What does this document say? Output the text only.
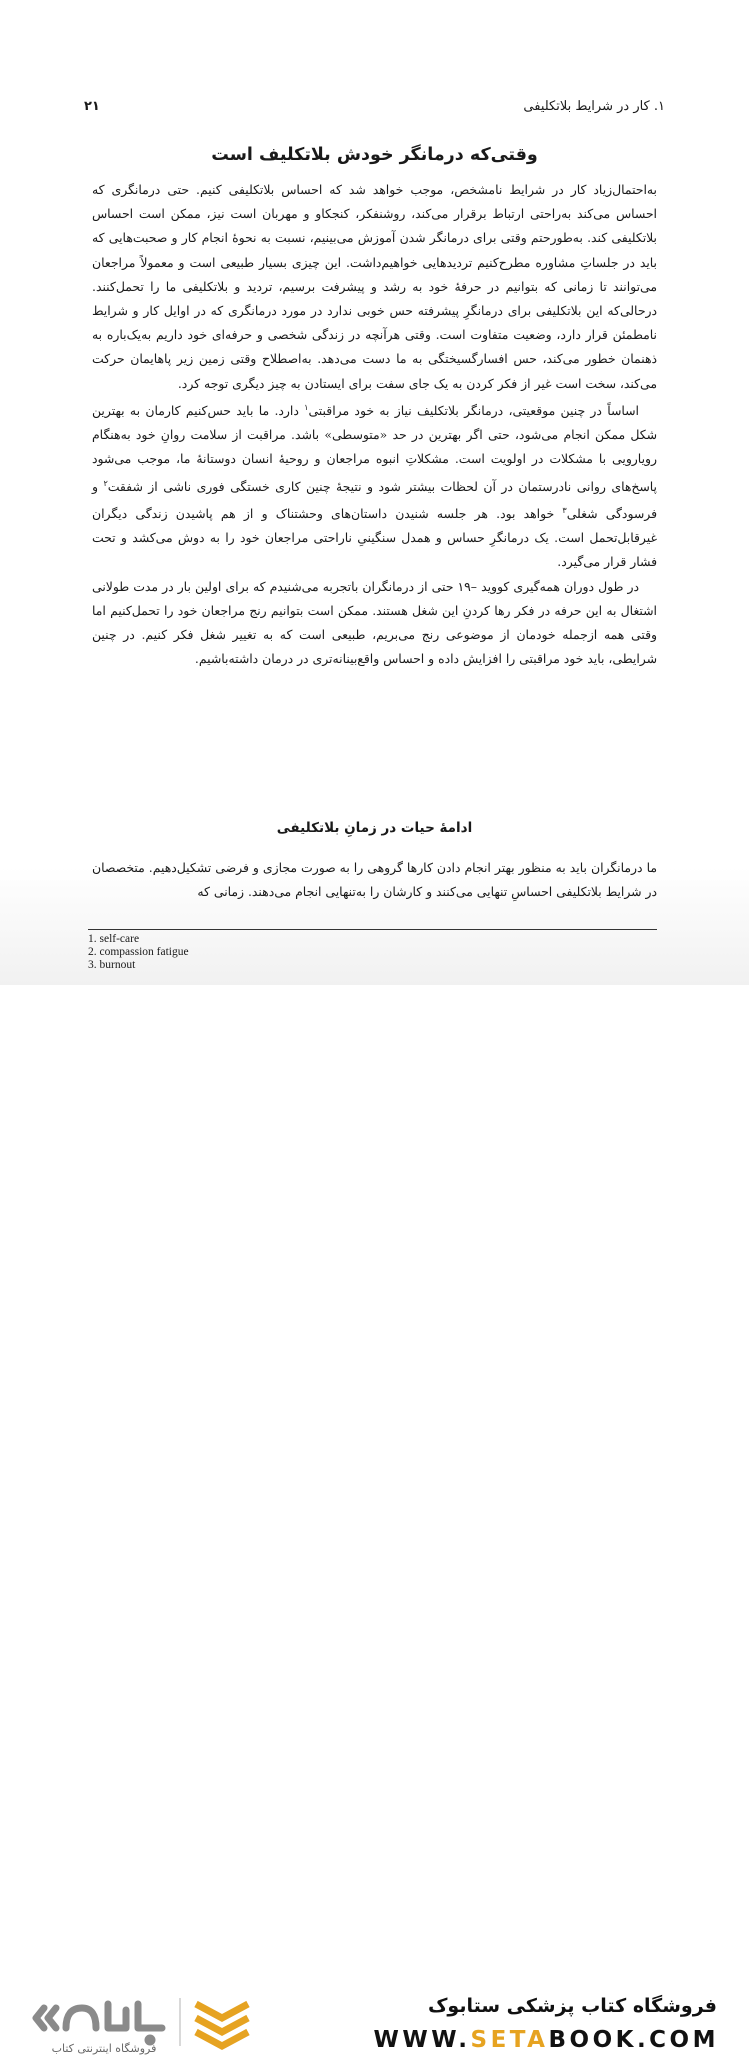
۱. کار در شرایط بلاتکلیفی
۲۱
وقتی‌که درمانگر خودش بلاتکلیف است

به‌احتمال‌زیاد کار در شرایط نامشخص، موجب خواهد شد که احساس بلاتکلیفی کنیم. حتی درمانگری که احساس می‌کند به‌راحتی ارتباط برقرار می‌کند، روشنفکر، کنجکاو و مهربان است نیز، ممکن است احساس بلاتکلیفی کند. به‌طورحتم وقتی برای درمانگر شدن آموزش می‌بینیم، نسبت به نحوهٔ انجام کار و صحبت‌هایی که باید در جلساتِ مشاوره مطرح‌کنیم تردیدهایی خواهیم‌داشت. این چیزی بسیار طبیعی است و معمولاً مراجعان می‌توانند تا زمانی که بتوانیم در حرفهٔ خود به رشد و پیشرفت برسیم، تردید و بلاتکلیفی ما را تحمل‌کنند. درحالی‌که این بلاتکلیفی برای درمانگرِ پیشرفته حس خوبی ندارد در مورد درمانگری که در اوایل کار و شرایط نامطمئن قرار دارد، وضعیت متفاوت است. وقتی هرآنچه در زندگی شخصی و حرفه‌ای خود داریم به‌یک‌باره به ذهنمان خطور می‌کند، حس افسارگسیختگی به ما دست می‌دهد. به‌اصطلاح وقتی زمین زیر پاهایمان حرکت می‌کند، سخت است غیر از فکر کردن به یک جای سفت برای ایستادن به چیز دیگری توجه کرد.

اساساً در چنین موقعیتی، درمانگر بلاتکلیف نیاز به خود مراقبتی$^۱$ دارد. ما باید حس‌کنیم کارمان به بهترین شکل ممکن انجام می‌شود، حتی اگر بهترین در حد «متوسطی» باشد. مراقبت از سلامت روانِ خود به‌هنگام رویارویی با مشکلات در اولویت است. مشکلاتِ انبوه مراجعان و روحیهٔ انسان دوستانهٔ ما، موجب می‌شود پاسخ‌های روانی نادرستمان در آن لحظات بیشتر شود و نتیجهٔ چنین کاری خستگی فوری ناشی از شفقت$^۲$ و فرسودگی شغلی$^۳$ خواهد بود. هر جلسه شنیدن داستان‌های وحشتناک و از هم پاشیدن زندگی دیگران غیرقابل‌تحمل است. یک درمانگرِ حساس و همدل سنگینیِ ناراحتی مراجعان خود را به دوش می‌کشد و تحت فشار قرار می‌گیرد.

در طول دوران همه‌گیری کووید –۱۹ حتی از درمانگران باتجربه می‌شنیدم که برای اولین بار در مدت طولانی اشتغال به این حرفه در فکر رها کردنِ این شغل هستند. ممکن است بتوانیم رنج مراجعان خود را تحمل‌کنیم اما وقتی همه ازجمله خودمان از موضوعی رنج می‌بریم، طبیعی است که به تغییر شغل فکر کنیم. در چنین شرایطی، باید خود مراقبتی را افزایش داده و احساس واقع‌بینانه‌تری در درمان داشته‌باشیم.

ادامهٔ حیات در زمانِ بلاتکلیفی

ما درمانگران باید به منظور بهتر انجام دادن کارها گروهی را به صورت مجازی و فرضی تشکیل‌دهیم. متخصصان در شرایط بلاتکلیفی احساسِ تنهایی می‌کنند و کارشان را به‌تنهایی انجام می‌دهند. زمانی که

1. self-care
2. compassion fatigue
3. burnout
فروشگاه اینترنتی کتاب
فروشگاه کتاب پزشکی ستابوک
WWW.SETABOOK.COM
